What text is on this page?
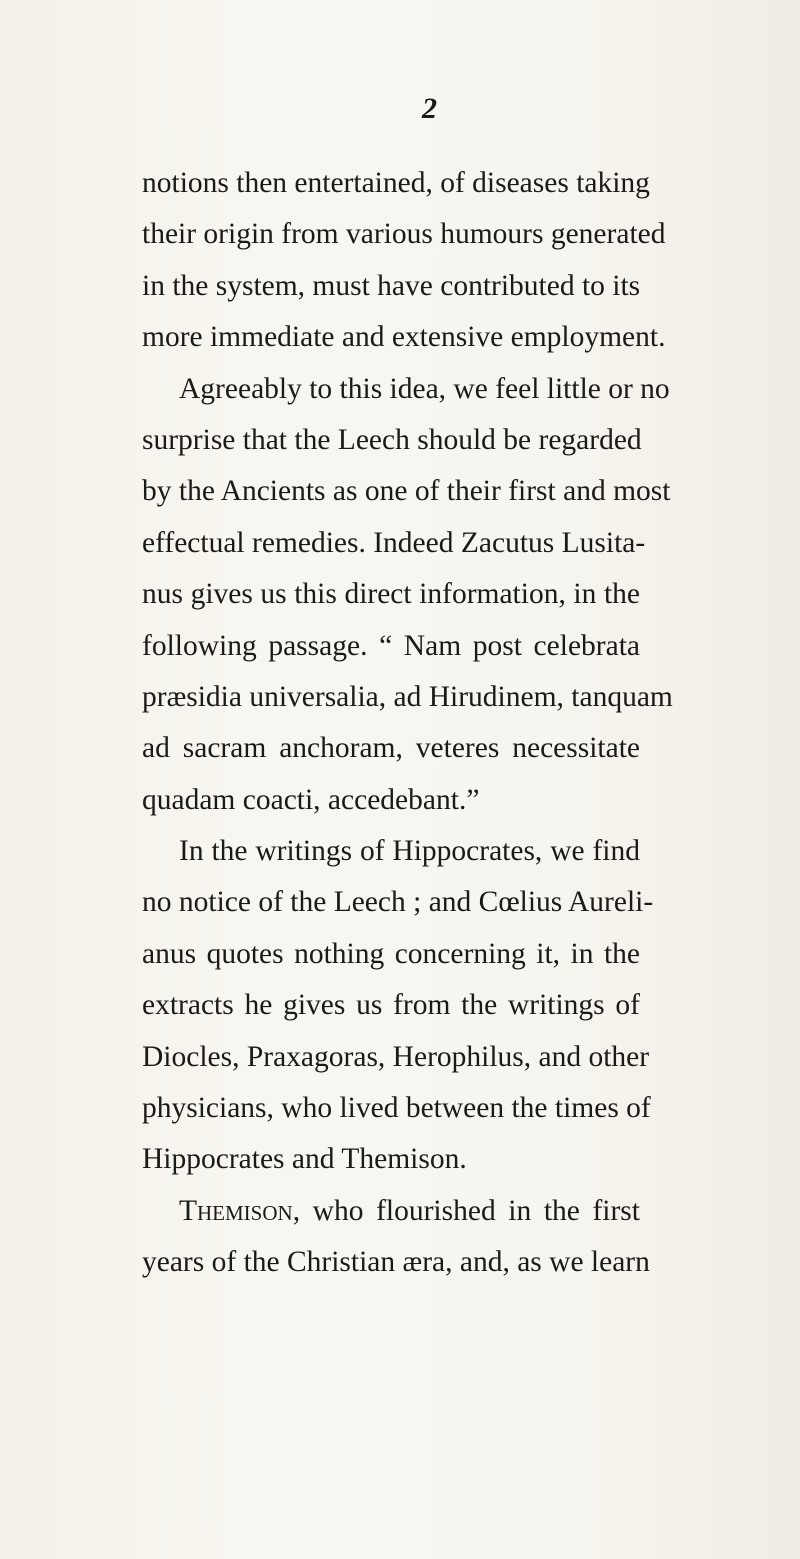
2
notions then entertained, of diseases taking
their origin from various humours generated
in the system, must have contributed to its
more immediate and extensive employment.
Agreeably to this idea, we feel little or no
surprise that the Leech should be regarded
by the Ancients as one of their first and most
effectual remedies. Indeed Zacutus Lusita-
nus gives us this direct information, in the
following passage. “ Nam post celebrata
præsidia universalia, ad Hirudinem, tanquam
ad sacram anchoram, veteres necessitate
quadam coacti, accedebant.”
In the writings of Hippocrates, we find
no notice of the Leech ; and Cœlius Aureli-
anus quotes nothing concerning it, in the
extracts he gives us from the writings of
Diocles, Praxagoras, Herophilus, and other
physicians, who lived between the times of
Hippocrates and Themison.
Themison, who flourished in the first
years of the Christian æra, and, as we learn
